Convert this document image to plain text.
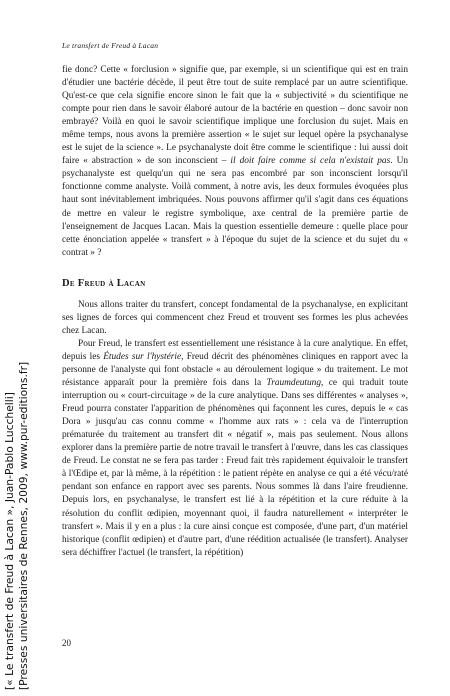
Le transfert de Freud à Lacan

fie donc? Cette « forclusion » signifie que, par exemple, si un scientifique qui est en train d'étudier une bactérie décède, il peut être tout de suite remplacé par un autre scientifique. Qu'est-ce que cela signifie encore sinon le fait que la « subjectivité » du scientifique ne compte pour rien dans le savoir élaboré autour de la bactérie en question – donc savoir non embrayé? Voilà en quoi le savoir scientifique implique une forclusion du sujet. Mais en même temps, nous avons la première assertion « le sujet sur lequel opère la psychanalyse est le sujet de la science ». Le psychanalyste doit être comme le scientifique : lui aussi doit faire « abstraction » de son inconscient – il doit faire comme si cela n'existait pas. Un psychanalyste est quelqu'un qui ne sera pas encombré par son inconscient lorsqu'il fonctionne comme analyste. Voilà comment, à notre avis, les deux formules évoquées plus haut sont inévitablement imbriquées. Nous pouvons affirmer qu'il s'agit dans ces équations de mettre en valeur le registre symbolique, axe central de la première partie de l'enseignement de Jacques Lacan. Mais la question essentielle demeure : quelle place pour cette énonciation appelée « transfert » à l'époque du sujet de la science et du sujet du « contrat » ?

De Freud à Lacan

Nous allons traiter du transfert, concept fondamental de la psychanalyse, en explicitant ses lignes de forces qui commencent chez Freud et trouvent ses formes les plus achevées chez Lacan.

Pour Freud, le transfert est essentiellement une résistance à la cure analytique. En effet, depuis les Études sur l'hystérie, Freud décrit des phénomènes cliniques en rapport avec la personne de l'analyste qui font obstacle « au déroulement logique » du traitement. Le mot résistance apparaît pour la première fois dans la Traumdeutung, ce qui traduit toute interruption ou « court-circuitage » de la cure analytique. Dans ses différentes « analyses », Freud pourra constater l'apparition de phénomènes qui façonnent les cures, depuis le « cas Dora » jusqu'au cas connu comme « l'homme aux rats » : cela va de l'interruption prématurée du traitement au transfert dit « négatif », mais pas seulement. Nous allons explorer dans la première partie de notre travail le transfert à l'œuvre, dans les cas classiques de Freud. Le constat ne se fera pas tarder : Freud fait très rapidement équivaloir le transfert à l'Œdipe et, par là même, à la répétition : le patient répète en analyse ce qui a été vécu/raté pendant son enfance en rapport avec ses parents. Nous sommes là dans l'aire freudienne. Depuis lors, en psychanalyse, le transfert est lié à la répétition et la cure réduite à la résolution du conflit œdipien, moyennant quoi, il faudra naturellement « interpréter le transfert ». Mais il y en a plus : la cure ainsi conçue est composée, d'une part, d'un matériel historique (conflit œdipien) et d'autre part, d'une réédition actualisée (le transfert). Analyser sera déchiffrer l'actuel (le transfert, la répétition)

20
[« Le transfert de Freud à Lacan », Juan-Pablo Lucchelli] [Presses universitaires de Rennes, 2009, www.pur-editions.fr]
